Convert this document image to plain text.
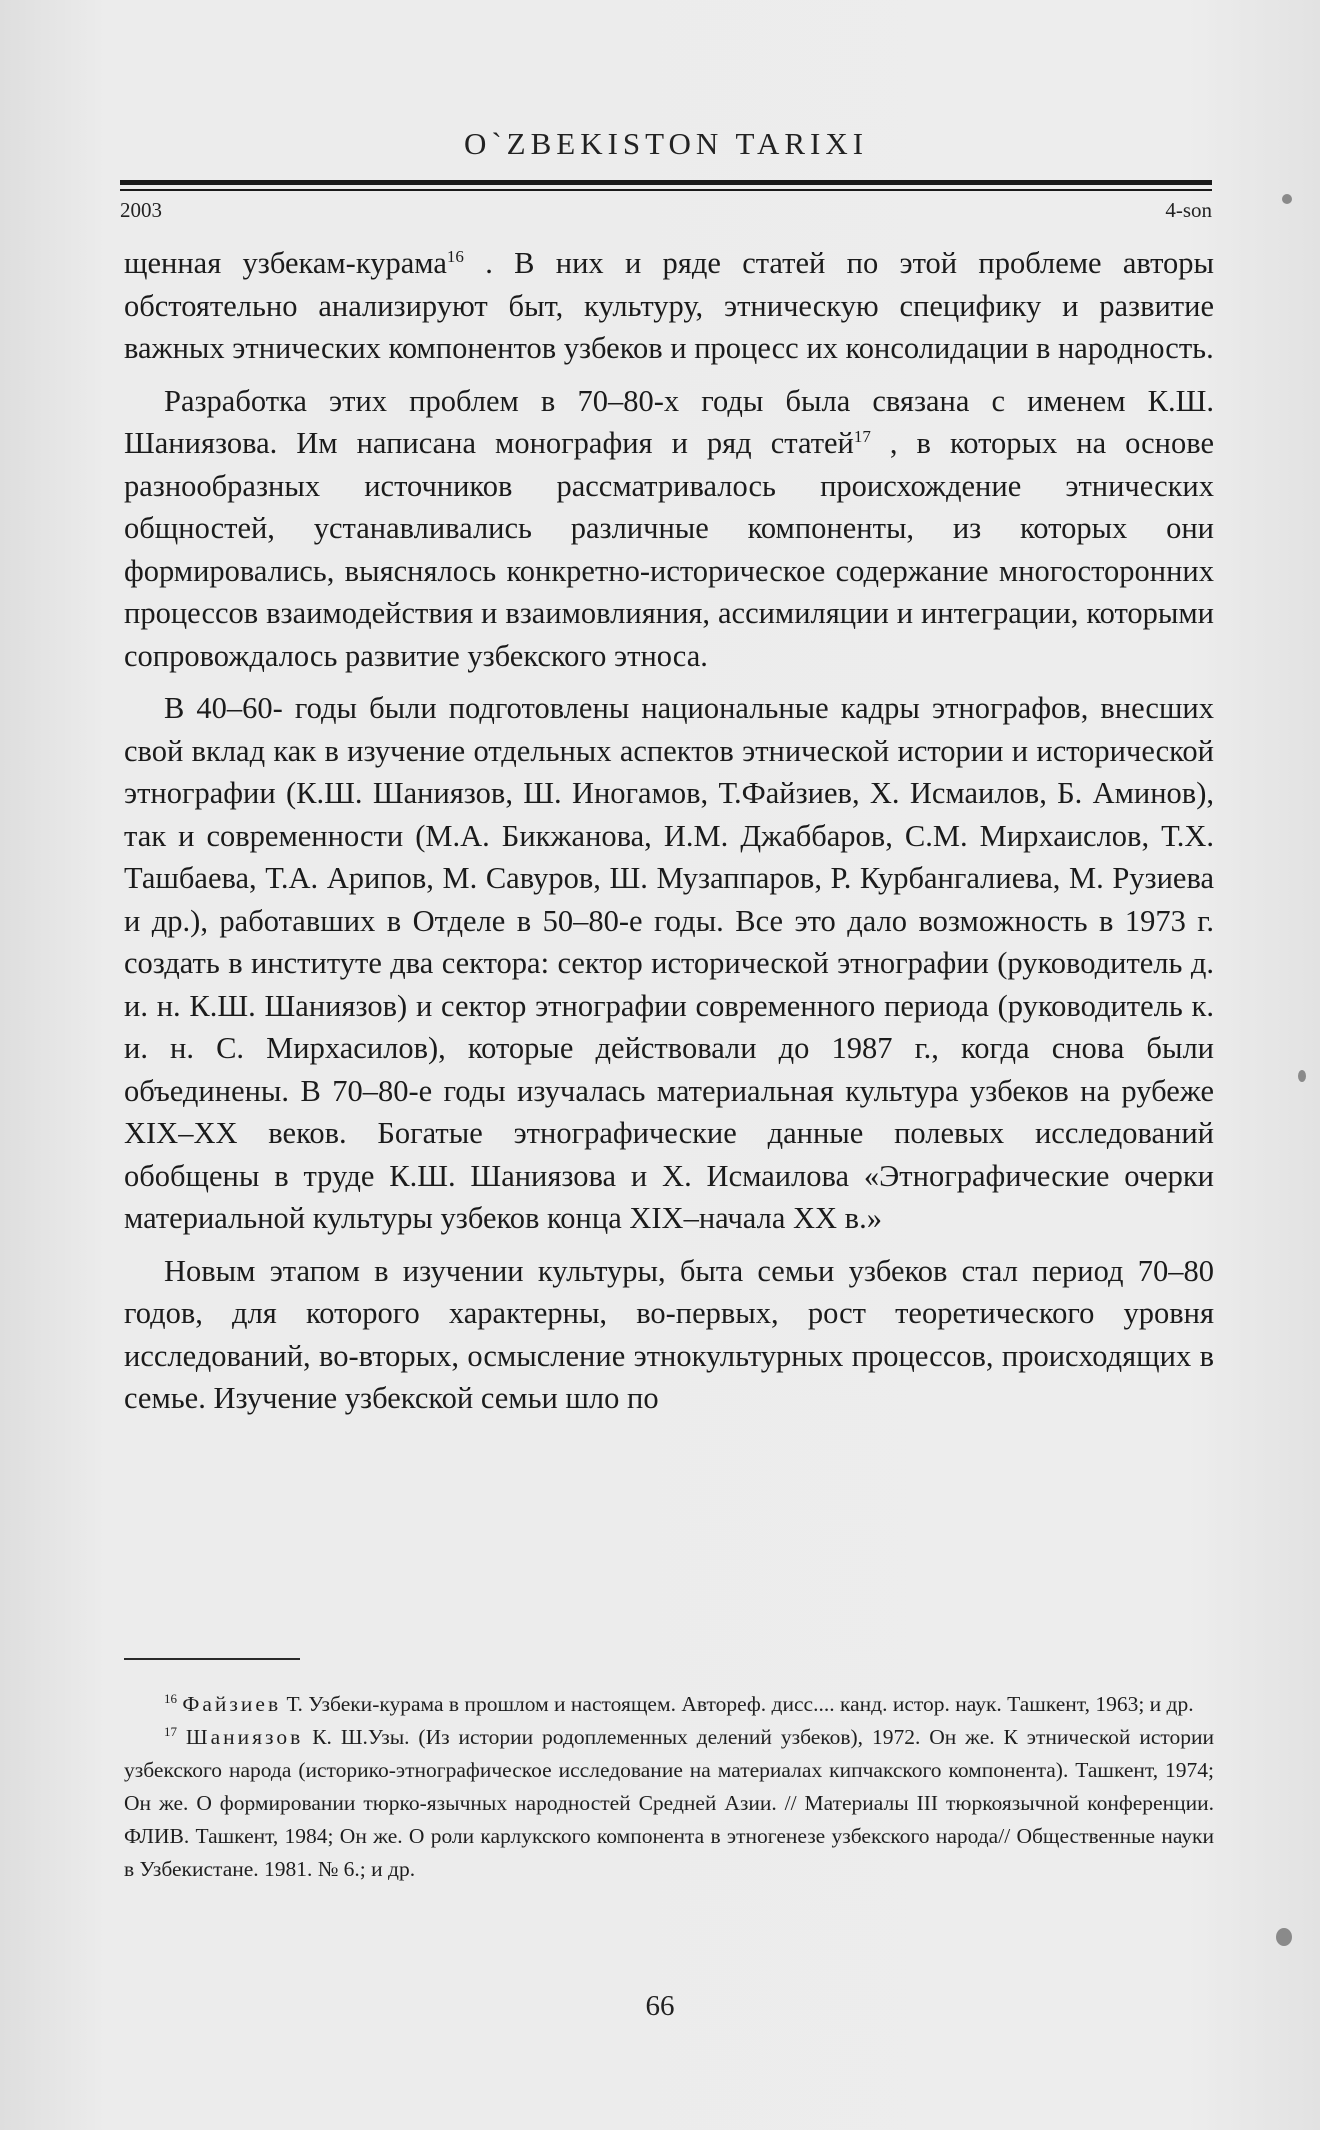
O`ZBEKISTON TARIXI
2003	4-son

щенная узбекам-курама$^{16}$ . В них и ряде статей по этой проблеме авторы обстоятельно анализируют быт, культуру, этническую специфику и развитие важных этнических компонентов узбеков и процесс их консолидации в народность.

Разработка этих проблем в 70–80-х годы была связана с именем К.Ш. Шаниязова. Им написана монография и ряд статей$^{17}$ , в которых на основе разнообразных источников рассматривалось происхождение этнических общностей, устанавливались различные компоненты, из которых они формировались, выяснялось конкретно-историческое содержание многосторонних процессов взаимодействия и взаимовлияния, ассимиляции и интеграции, которыми сопровождалось развитие узбекского этноса.

В 40–60- годы были подготовлены национальные кадры этнографов, внесших свой вклад как в изучение отдельных аспектов этнической истории и исторической этнографии (К.Ш. Шаниязов, Ш. Иногамов, Т.Файзиев, Х. Исмаилов, Б. Аминов), так и современности (М.А. Бикжанова, И.М. Джаббаров, С.М. Мирхаислов, Т.Х. Ташбаева, Т.А. Арипов, М. Савуров, Ш. Музаппаров, Р. Курбангалиева, М. Рузиева и др.), работавших в Отделе в 50–80-е годы. Все это дало возможность в 1973 г. создать в институте два сектора: сектор исторической этнографии (руководитель д. и. н. К.Ш. Шаниязов) и сектор этнографии современного периода (руководитель к. и. н. С. Мирхасилов), которые действовали до 1987 г., когда снова были объединены. В 70–80-е годы изучалась материальная культура узбеков на рубеже XIX–XX веков. Богатые этнографические данные полевых исследований обобщены в труде К.Ш. Шаниязова и Х. Исмаилова «Этнографические очерки материальной культуры узбеков конца XIX–начала XX в.»

Новым этапом в изучении культуры, быта семьи узбеков стал период 70–80 годов, для которого характерны, во-первых, рост теоретического уровня исследований, во-вторых, осмысление этнокультурных процессов, происходящих в семье. Изучение узбекской семьи шло по

$^{16}$ Файзиев Т. Узбеки-курама в прошлом и настоящем. Автореф. дисс.... канд. истор. наук. Ташкент, 1963; и др.

$^{17}$ Шаниязов К. Ш.Узы. (Из истории родоплеменных делений узбеков), 1972. Он же. К этнической истории узбекского народа (историко-этнографическое исследование на материалах кипчакского компонента). Ташкент, 1974; Он же. О формировании тюрко-язычных народностей Средней Азии. // Материалы III тюркоязычной конференции. ФЛИВ. Ташкент, 1984; Он же. О роли карлукского компонента в этногенезе узбекского народа// Общественные науки в Узбекистане. 1981. № 6.; и др.

66
